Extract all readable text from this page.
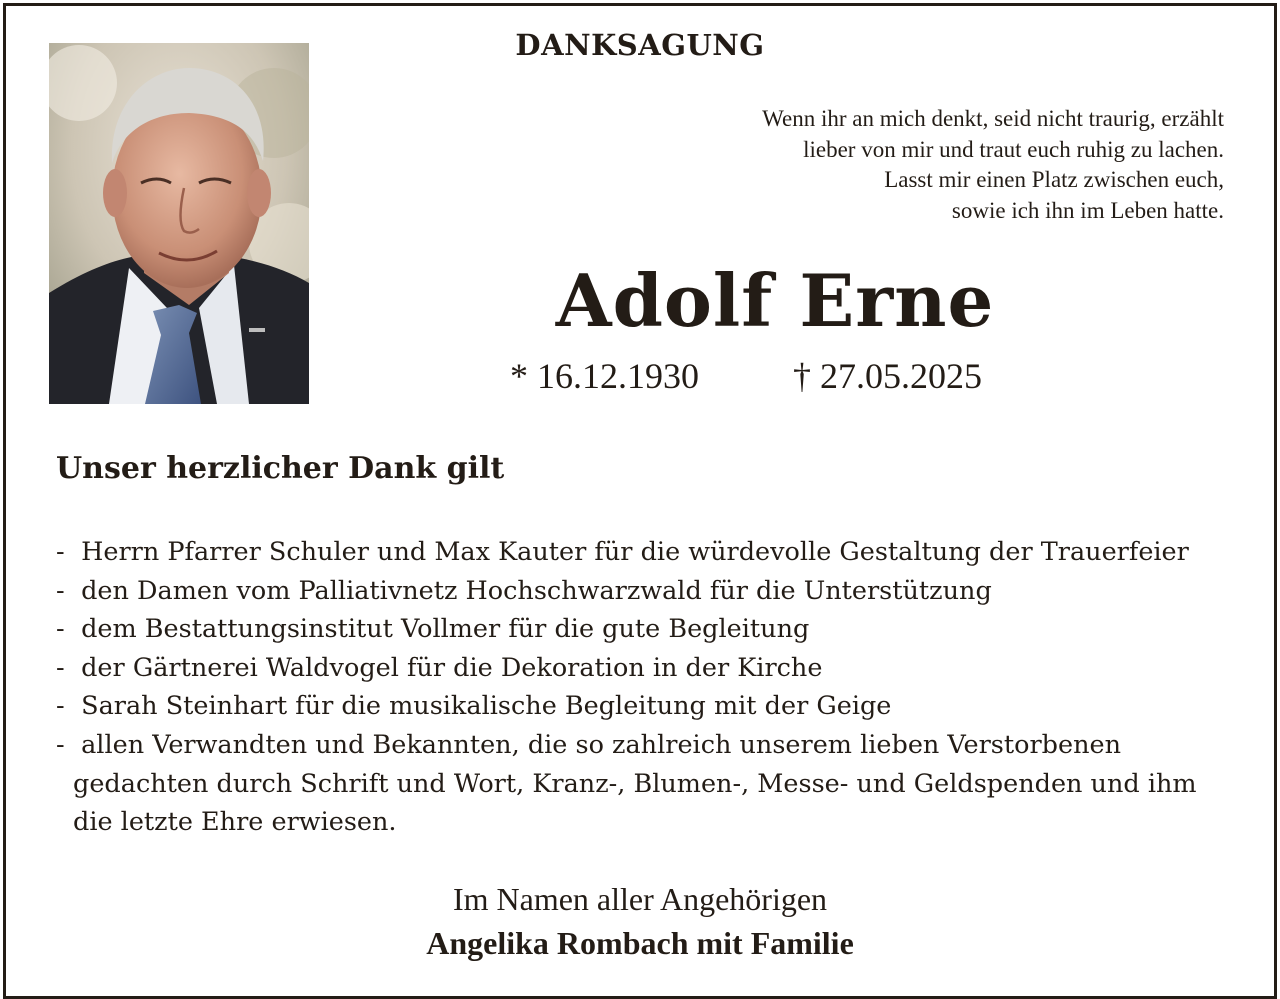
DANKSAGUNG
Wenn ihr an mich denkt, seid nicht traurig, erzählt
lieber von mir und traut euch ruhig zu lachen.
Lasst mir einen Platz zwischen euch,
sowie ich ihn im Leben hatte.
Adolf Erne
* 16.12.1930	† 27.05.2025
Unser herzlicher Dank gilt
- Herrn Pfarrer Schuler und Max Kauter für die würdevolle Gestaltung der Trauerfeier
- den Damen vom Palliativnetz Hochschwarzwald für die Unterstützung
- dem Bestattungsinstitut Vollmer für die gute Begleitung
- der Gärtnerei Waldvogel für die Dekoration in der Kirche
- Sarah Steinhart für die musikalische Begleitung mit der Geige
- allen Verwandten und Bekannten, die so zahlreich unserem lieben Verstorbenen gedachten durch Schrift und Wort, Kranz-, Blumen-, Messe- und Geldspenden und ihm die letzte Ehre erwiesen.
Im Namen aller Angehörigen
Angelika Rombach mit Familie
